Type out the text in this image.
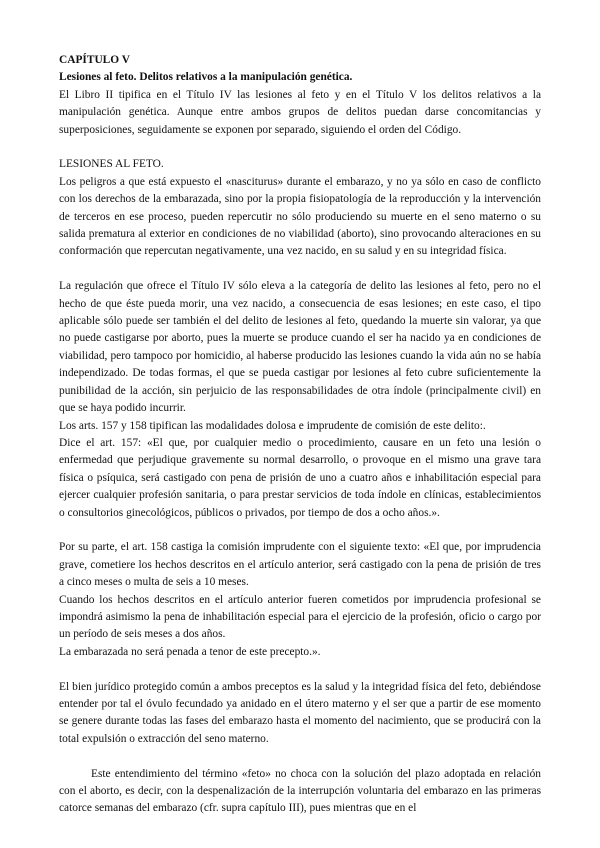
CAPÍTULO V

Lesiones al feto. Delitos relativos a la manipulación genética.

El Libro II tipifica en el Título IV las lesiones al feto y en el Título V los delitos relativos a la manipulación genética. Aunque entre ambos grupos de delitos puedan darse concomitancias y superposiciones, seguidamente se exponen por separado, siguiendo el orden del Código.

LESIONES AL FETO.

Los peligros a que está expuesto el «nasciturus» durante el embarazo, y no ya sólo en caso de conflicto con los derechos de la embarazada, sino por la propia fisiopatología de la reproducción y la intervención de terceros en ese proceso, pueden repercutir no sólo produciendo su muerte en el seno materno o su salida prematura al exterior en condiciones de no viabilidad (aborto), sino provocando alteraciones en su conformación que repercutan negativamente, una vez nacido, en su salud y en su integridad física.

La regulación que ofrece el Título IV sólo eleva a la categoría de delito las lesiones al feto, pero no el hecho de que éste pueda morir, una vez nacido, a consecuencia de esas lesiones; en este caso, el tipo aplicable sólo puede ser también el del delito de lesiones al feto, quedando la muerte sin valorar, ya que no puede castigarse por aborto, pues la muerte se produce cuando el ser ha nacido ya en condiciones de viabilidad, pero tampoco por homicidio, al haberse producido las lesiones cuando la vida aún no se había independizado. De todas formas, el que se pueda castigar por lesiones al feto cubre suficientemente la punibilidad de la acción, sin perjuicio de las responsabilidades de otra índole (principalmente civil) en que se haya podido incurrir.

Los arts. 157 y 158 tipifican las modalidades dolosa e imprudente de comisión de este delito:.

Dice el art. 157: «El que, por cualquier medio o procedimiento, causare en un feto una lesión o enfermedad que perjudique gravemente su normal desarrollo, o provoque en el mismo una grave tara física o psíquica, será castigado con pena de prisión de uno a cuatro años e inhabilitación especial para ejercer cualquier profesión sanitaria, o para prestar servicios de toda índole en clínicas, establecimientos o consultorios ginecológicos, públicos o privados, por tiempo de dos a ocho años.».

Por su parte, el art. 158 castiga la comisión imprudente con el siguiente texto: «El que, por imprudencia grave, cometiere los hechos descritos en el artículo anterior, será castigado con la pena de prisión de tres a cinco meses o multa de seis a 10 meses.

Cuando los hechos descritos en el artículo anterior fueren cometidos por imprudencia profesional se impondrá asimismo la pena de inhabilitación especial para el ejercicio de la profesión, oficio o cargo por un período de seis meses a dos años.

La embarazada no será penada a tenor de este precepto.».

El bien jurídico protegido común a ambos preceptos es la salud y la integridad física del feto, debiéndose entender por tal el óvulo fecundado ya anidado en el útero materno y el ser que a partir de ese momento se genere durante todas las fases del embarazo hasta el momento del nacimiento, que se producirá con la total expulsión o extracción del seno materno.

Este entendimiento del término «feto» no choca con la solución del plazo adoptada en relación con el aborto, es decir, con la despenalización de la interrupción voluntaria del embarazo en las primeras catorce semanas del embarazo (cfr. supra capítulo III), pues mientras que en el
